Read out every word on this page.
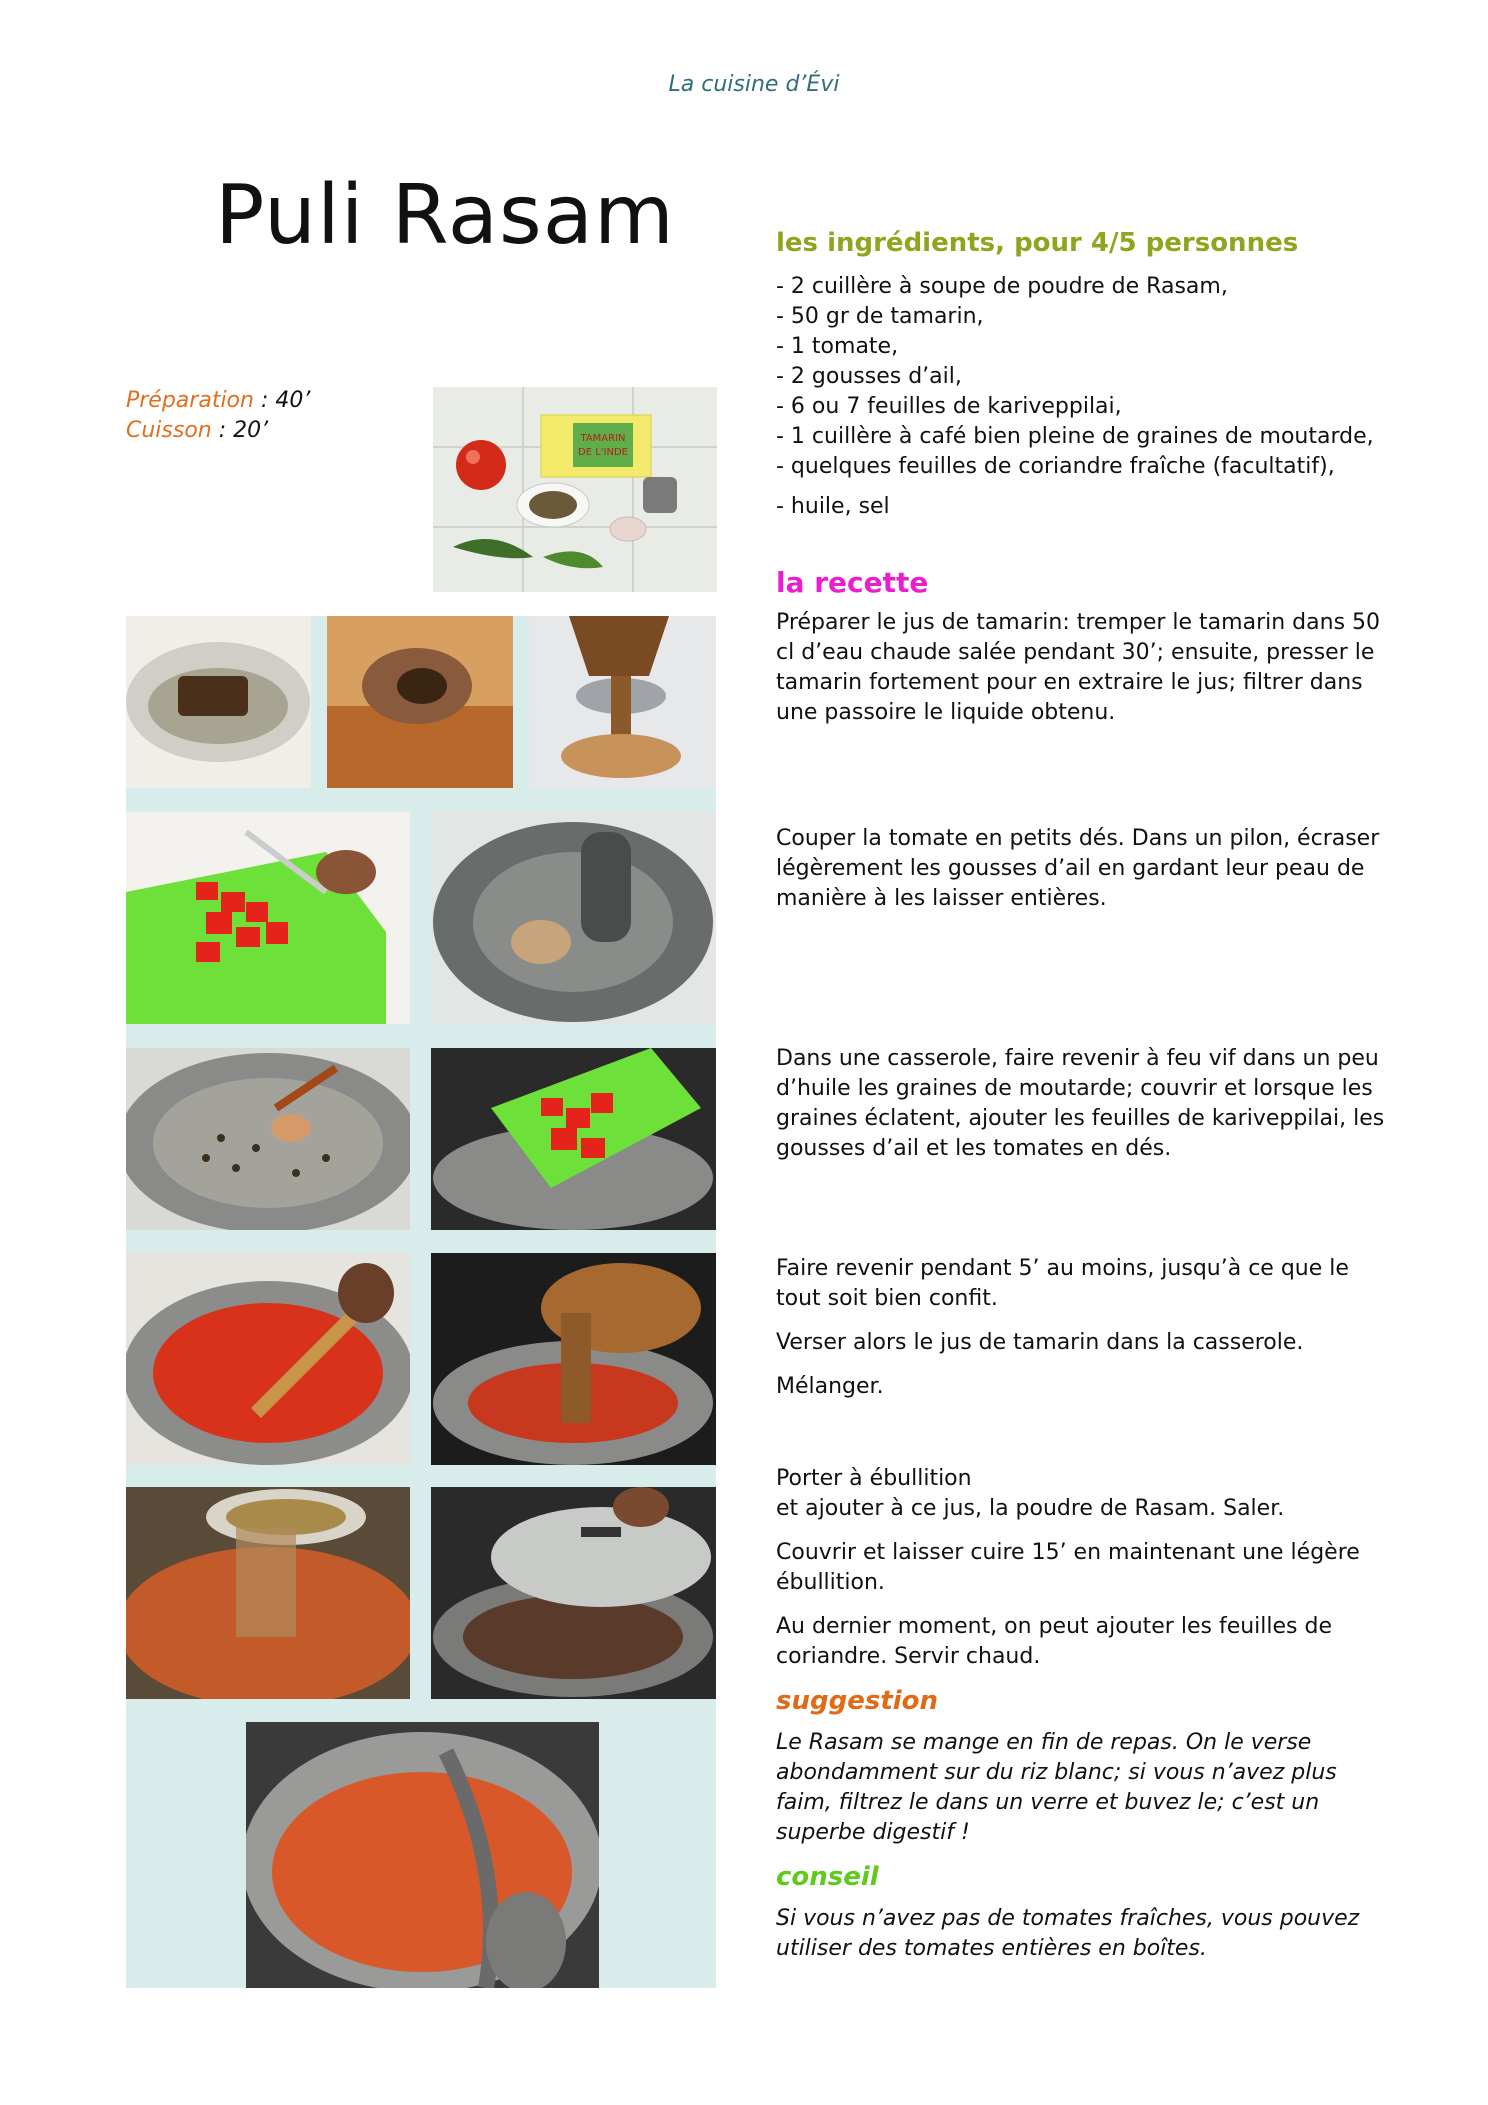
La cuisine d’Évi
Puli Rasam
Préparation : 40’
Cuisson : 20’	TAMARIN
DE L'INDE
les ingrédients, pour 4/5 personnes
- 2 cuillère à soupe de poudre de Rasam,
- 50 gr de tamarin,
- 1 tomate,
- 2 gousses d’ail,
- 6 ou 7 feuilles de kariveppilai,
- 1 cuillère à café bien pleine de graines de moutarde,
- quelques feuilles de coriandre fraîche (facultatif),

- huile, sel

la recette

Préparer le jus de tamarin: tremper le tamarin dans 50 cl d’eau chaude salée pendant 30’; ensuite, presser le tamarin fortement pour en extraire le jus; filtrer dans une passoire le liquide obtenu.

Couper la tomate en petits dés. Dans un pilon, écraser légèrement les gousses d’ail en gardant leur peau de manière à les laisser entières.

Dans une casserole, faire revenir à feu vif dans un peu d’huile les graines de moutarde; couvrir et lorsque les graines éclatent, ajouter les feuilles de kariveppilai, les gousses d’ail et les tomates en dés.

Faire revenir pendant 5’ au moins, jusqu’à ce que le tout soit bien confit.

Verser alors le jus de tamarin dans la casserole.

Mélanger.

Porter à ébullition
et ajouter à ce jus, la poudre de Rasam. Saler.

Couvrir et laisser cuire 15’ en maintenant une légère ébullition.

Au dernier moment, on peut ajouter les feuilles de coriandre. Servir chaud.

suggestion

Le Rasam se mange en fin de repas. On le verse abondamment sur du riz blanc; si vous n’avez plus faim, filtrez le dans un verre et buvez le; c’est un superbe digestif !

conseil

Si vous n’avez pas de tomates fraîches, vous pouvez utiliser des tomates entières en boîtes.
